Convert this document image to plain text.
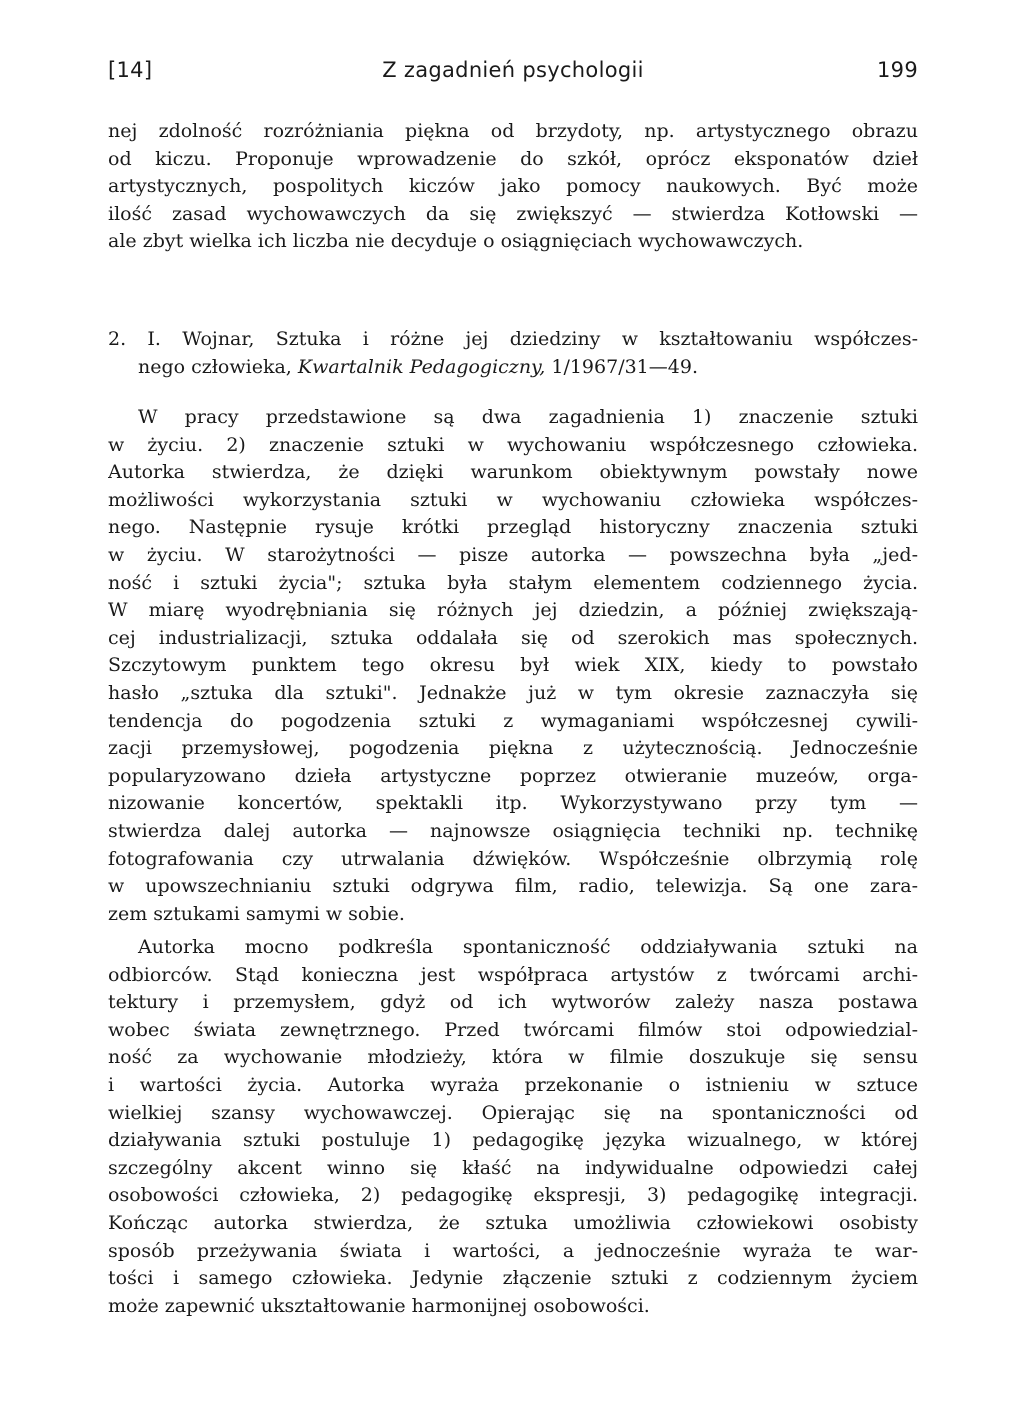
[14]	Z zagadnień psychologii	199
nej zdolność rozróżniania piękna od brzydoty, np. artystycznego obrazu
od kiczu. Proponuje wprowadzenie do szkół, oprócz eksponatów dzieł
artystycznych, pospolitych kiczów jako pomocy naukowych. Być może
ilość zasad wychowawczych da się zwiększyć — stwierdza Kotłowski —
ale zbyt wielka ich liczba nie decyduje o osiągnięciach wychowawczych.
2. I. Wojnar, Sztuka i różne jej dziedziny w kształtowaniu współczes-
nego człowieka, Kwartalnik Pedagogiczny, 1/1967/31—49.
W pracy przedstawione są dwa zagadnienia 1) znaczenie sztuki
w życiu. 2) znaczenie sztuki w wychowaniu współczesnego człowieka.
Autorka stwierdza, że dzięki warunkom obiektywnym powstały nowe
możliwości wykorzystania sztuki w wychowaniu człowieka współczes-
nego. Następnie rysuje krótki przegląd historyczny znaczenia sztuki
w życiu. W starożytności — pisze autorka — powszechna była „jed-
ność i sztuki życia"; sztuka była stałym elementem codziennego życia.
W miarę wyodrębniania się różnych jej dziedzin, a później zwiększają-
cej industrializacji, sztuka oddalała się od szerokich mas społecznych.
Szczytowym punktem tego okresu był wiek XIX, kiedy to powstało
hasło „sztuka dla sztuki". Jednakże już w tym okresie zaznaczyła się
tendencja do pogodzenia sztuki z wymaganiami współczesnej cywili-
zacji przemysłowej, pogodzenia piękna z użytecznością. Jednocześnie
popularyzowano dzieła artystyczne poprzez otwieranie muzeów, orga-
nizowanie koncertów, spektakli itp. Wykorzystywano przy tym —
stwierdza dalej autorka — najnowsze osiągnięcia techniki np. technikę
fotografowania czy utrwalania dźwięków. Współcześnie olbrzymią rolę
w upowszechnianiu sztuki odgrywa film, radio, telewizja. Są one zara-
zem sztukami samymi w sobie.
Autorka mocno podkreśla spontaniczność oddziaływania sztuki na
odbiorców. Stąd konieczna jest współpraca artystów z twórcami archi-
tektury i przemysłem, gdyż od ich wytworów zależy nasza postawa
wobec świata zewnętrznego. Przed twórcami filmów stoi odpowiedzial-
ność za wychowanie młodzieży, która w filmie doszukuje się sensu
i wartości życia. Autorka wyraża przekonanie o istnieniu w sztuce
wielkiej szansy wychowawczej. Opierając się na spontaniczności od
działywania sztuki postuluje 1) pedagogikę języka wizualnego, w której
szczególny akcent winno się kłaść na indywidualne odpowiedzi całej
osobowości człowieka, 2) pedagogikę ekspresji, 3) pedagogikę integracji.
Kończąc autorka stwierdza, że sztuka umożliwia człowiekowi osobisty
sposób przeżywania świata i wartości, a jednocześnie wyraża te war-
tości i samego człowieka. Jedynie złączenie sztuki z codziennym życiem
może zapewnić ukształtowanie harmonijnej osobowości.
